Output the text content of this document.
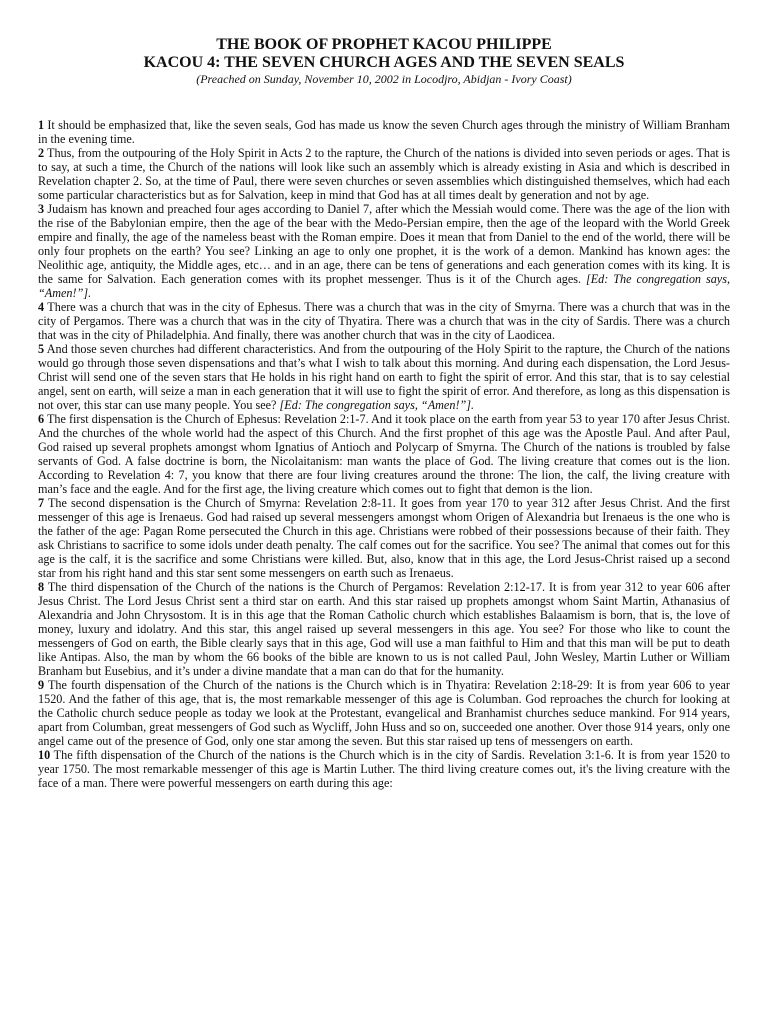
THE BOOK OF PROPHET KACOU PHILIPPE

KACOU 4: THE SEVEN CHURCH AGES AND THE SEVEN SEALS

(Preached on Sunday, November 10, 2002 in Locodjro, Abidjan - Ivory Coast)

1 It should be emphasized that, like the seven seals, God has made us know the seven Church ages through the ministry of William Branham in the evening time.

2 Thus, from the outpouring of the Holy Spirit in Acts 2 to the rapture, the Church of the nations is divided into seven periods or ages. That is to say, at such a time, the Church of the nations will look like such an assembly which is already existing in Asia and which is described in Revelation chapter 2. So, at the time of Paul, there were seven churches or seven assemblies which distinguished themselves, which had each some particular characteristics but as for Salvation, keep in mind that God has at all times dealt by generation and not by age.

3 Judaism has known and preached four ages according to Daniel 7, after which the Messiah would come. There was the age of the lion with the rise of the Babylonian empire, then the age of the bear with the Medo-Persian empire, then the age of the leopard with the World Greek empire and finally, the age of the nameless beast with the Roman empire. Does it mean that from Daniel to the end of the world, there will be only four prophets on the earth? You see? Linking an age to only one prophet, it is the work of a demon. Mankind has known ages: the Neolithic age, antiquity, the Middle ages, etc… and in an age, there can be tens of generations and each generation comes with its king. It is the same for Salvation. Each generation comes with its prophet messenger. Thus is it of the Church ages. [Ed: The congregation says, “Amen!”].

4 There was a church that was in the city of Ephesus. There was a church that was in the city of Smyrna. There was a church that was in the city of Pergamos. There was a church that was in the city of Thyatira. There was a church that was in the city of Sardis. There was a church that was in the city of Philadelphia. And finally, there was another church that was in the city of Laodicea.

5 And those seven churches had different characteristics. And from the outpouring of the Holy Spirit to the rapture, the Church of the nations would go through those seven dispensations and that’s what I wish to talk about this morning. And during each dispensation, the Lord Jesus-Christ will send one of the seven stars that He holds in his right hand on earth to fight the spirit of error. And this star, that is to say celestial angel, sent on earth, will seize a man in each generation that it will use to fight the spirit of error. And therefore, as long as this dispensation is not over, this star can use many people. You see? [Ed: The congregation says, “Amen!”].

6 The first dispensation is the Church of Ephesus: Revelation 2:1-7. And it took place on the earth from year 53 to year 170 after Jesus Christ. And the churches of the whole world had the aspect of this Church. And the first prophet of this age was the Apostle Paul. And after Paul, God raised up several prophets amongst whom Ignatius of Antioch and Polycarp of Smyrna. The Church of the nations is troubled by false servants of God. A false doctrine is born, the Nicolaitanism: man wants the place of God. The living creature that comes out is the lion. According to Revelation 4: 7, you know that there are four living creatures around the throne: The lion, the calf, the living creature with man’s face and the eagle. And for the first age, the living creature which comes out to fight that demon is the lion.

7 The second dispensation is the Church of Smyrna: Revelation 2:8-11. It goes from year 170 to year 312 after Jesus Christ. And the first messenger of this age is Irenaeus. God had raised up several messengers amongst whom Origen of Alexandria but Irenaeus is the one who is the father of the age: Pagan Rome persecuted the Church in this age. Christians were robbed of their possessions because of their faith. They ask Christians to sacrifice to some idols under death penalty. The calf comes out for the sacrifice. You see? The animal that comes out for this age is the calf, it is the sacrifice and some Christians were killed. But, also, know that in this age, the Lord Jesus-Christ raised up a second star from his right hand and this star sent some messengers on earth such as Irenaeus.

8 The third dispensation of the Church of the nations is the Church of Pergamos: Revelation 2:12-17. It is from year 312 to year 606 after Jesus Christ. The Lord Jesus Christ sent a third star on earth. And this star raised up prophets amongst whom Saint Martin, Athanasius of Alexandria and John Chrysostom. It is in this age that the Roman Catholic church which establishes Balaamism is born, that is, the love of money, luxury and idolatry. And this star, this angel raised up several messengers in this age. You see? For those who like to count the messengers of God on earth, the Bible clearly says that in this age, God will use a man faithful to Him and that this man will be put to death like Antipas. Also, the man by whom the 66 books of the bible are known to us is not called Paul, John Wesley, Martin Luther or William Branham but Eusebius, and it’s under a divine mandate that a man can do that for the humanity.

9 The fourth dispensation of the Church of the nations is the Church which is in Thyatira: Revelation 2:18-29: It is from year 606 to year 1520. And the father of this age, that is, the most remarkable messenger of this age is Columban. God reproaches the church for looking at the Catholic church seduce people as today we look at the Protestant, evangelical and Branhamist churches seduce mankind. For 914 years, apart from Columban, great messengers of God such as Wycliff, John Huss and so on, succeeded one another. Over those 914 years, only one angel came out of the presence of God, only one star among the seven. But this star raised up tens of messengers on earth.

10 The fifth dispensation of the Church of the nations is the Church which is in the city of Sardis. Revelation 3:1-6. It is from year 1520 to year 1750. The most remarkable messenger of this age is Martin Luther. The third living creature comes out, it's the living creature with the face of a man. There were powerful messengers on earth during this age:
